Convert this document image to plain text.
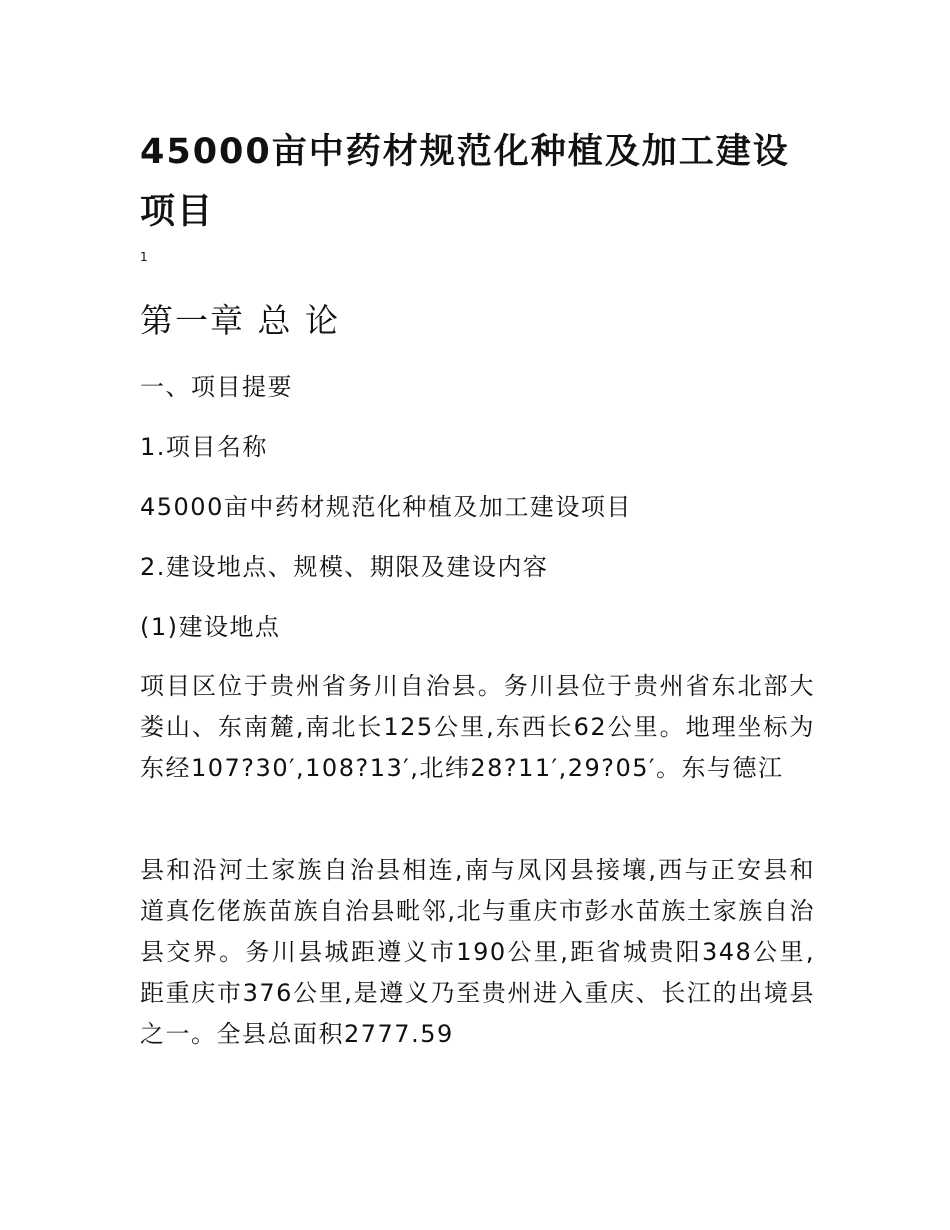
45000亩中药材规范化种植及加工建设项目
1
第一章 总 论

一、项目提要

1.项目名称

45000亩中药材规范化种植及加工建设项目

2.建设地点、规模、期限及建设内容

(1)建设地点

项目区位于贵州省务川自治县。务川县位于贵州省东北部大娄山、东南麓,南北长125公里,东西长62公里。地理坐标为东经107?30′,108?13′,北纬28?11′,29?05′。东与德江

县和沿河土家族自治县相连,南与凤冈县接壤,西与正安县和道真仡佬族苗族自治县毗邻,北与重庆市彭水苗族土家族自治县交界。务川县城距遵义市190公里,距省城贵阳348公里,距重庆市376公里,是遵义乃至贵州进入重庆、长江的出境县之一。全县总面积2777.59
